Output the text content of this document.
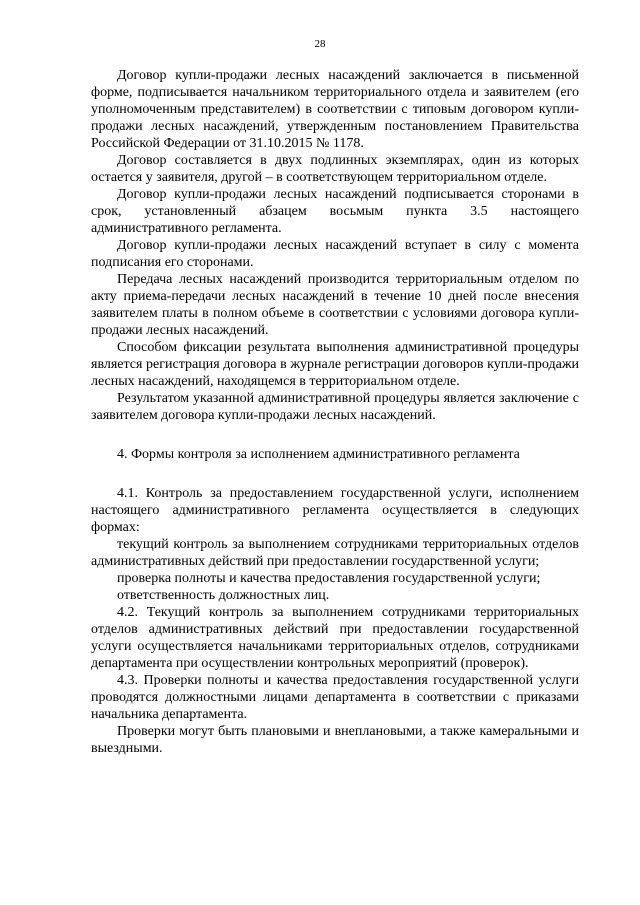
28

Договор купли-продажи лесных насаждений заключается в письменной форме, подписывается начальником территориального отдела и заявителем (его уполномоченным представителем) в соответствии с типовым договором купли-продажи лесных насаждений, утвержденным постановлением Правительства Российской Федерации от 31.10.2015 № 1178.

Договор составляется в двух подлинных экземплярах, один из которых остается у заявителя, другой – в соответствующем территориальном отделе.

Договор купли-продажи лесных насаждений подписывается сторонами в срок, установленный абзацем восьмым пункта 3.5 настоящего административного регламента.

Договор купли-продажи лесных насаждений вступает в силу с момента подписания его сторонами.

Передача лесных насаждений производится территориальным отделом по акту приема-передачи лесных насаждений в течение 10 дней после внесения заявителем платы в полном объеме в соответствии с условиями договора купли-продажи лесных насаждений.

Способом фиксации результата выполнения административной процедуры является регистрация договора в журнале регистрации договоров купли-продажи лесных насаждений, находящемся в территориальном отделе.

Результатом указанной административной процедуры является заключение с заявителем договора купли-продажи лесных насаждений.

4. Формы контроля за исполнением административного регламента

4.1. Контроль за предоставлением государственной услуги, исполнением настоящего административного регламента осуществляется в следующих формах:

текущий контроль за выполнением сотрудниками территориальных отделов административных действий при предоставлении государственной услуги;

проверка полноты и качества предоставления государственной услуги;

ответственность должностных лиц.

4.2. Текущий контроль за выполнением сотрудниками территориальных отделов административных действий при предоставлении государственной услуги осуществляется начальниками территориальных отделов, сотрудниками департамента при осуществлении контрольных мероприятий (проверок).

4.3. Проверки полноты и качества предоставления государственной услуги проводятся должностными лицами департамента в соответствии с приказами начальника департамента.

Проверки могут быть плановыми и внеплановыми, а также камеральными и выездными.
